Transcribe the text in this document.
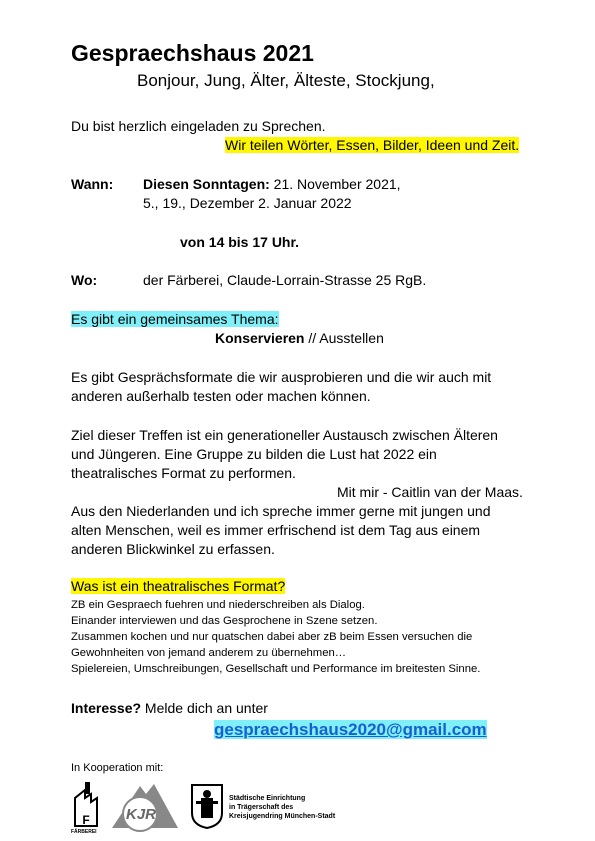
Gespraechshaus 2021
Bonjour, Jung, Älter, Älteste, Stockjung,
Du bist herzlich eingeladen zu Sprechen.
Wir teilen Wörter, Essen, Bilder, Ideen und Zeit.
Wann: Diesen Sonntagen: 21. November 2021,
5., 19., Dezember 2. Januar 2022
von 14 bis 17 Uhr.
Wo:	der Färberei, Claude-Lorrain-Strasse 25 RgB.
Es gibt ein gemeinsames Thema:
Konservieren // Ausstellen
Es gibt Gesprächsformate die wir ausprobieren und die wir auch mit
anderen außerhalb testen oder machen können.
Ziel dieser Treffen ist ein generationeller Austausch zwischen Älteren
und Jüngeren. Eine Gruppe zu bilden die Lust hat 2022 ein
theatralisches Format zu performen.
Mit mir - Caitlin van der Maas.
Aus den Niederlanden und ich spreche immer gerne mit jungen und
alten Menschen, weil es immer erfrischend ist dem Tag aus einem
anderen Blickwinkel zu erfassen.
Was ist ein theatralisches Format?
ZB ein Gespraech fuehren und niederschreiben als Dialog.
Einander interviewen und das Gesprochene in Szene setzen.
Zusammen kochen und nur quatschen dabei aber zB beim Essen versuchen die
Gewohnheiten von jemand anderem zu übernehmen…
Spielereien, Umschreibungen, Gesellschaft und Performance im breitesten Sinne.
Interesse? Melde dich an unter
gespraechshaus2020@gmail.com
In Kooperation mit:
F
FÄRBEREI
KJR
Städtische Einrichtung
in Trägerschaft des
Kreisjugendring München-Stadt
